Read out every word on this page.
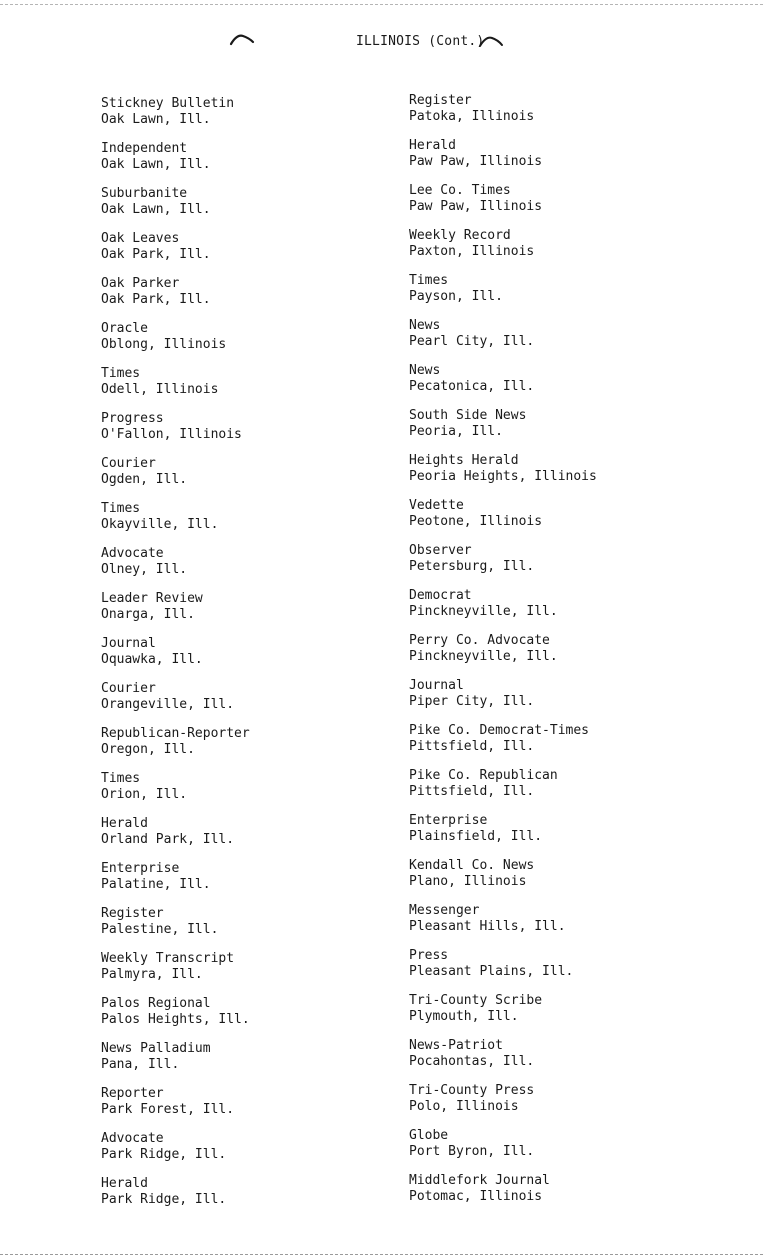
ILLINOIS (Cont.)
Stickney Bulletin
Oak Lawn, Ill.
Independent
Oak Lawn, Ill.
Suburbanite
Oak Lawn, Ill.
Oak Leaves
Oak Park, Ill.
Oak Parker
Oak Park, Ill.
Oracle
Oblong, Illinois
Times
Odell, Illinois
Progress
O'Fallon, Illinois
Courier
Ogden, Ill.
Times
Okayville, Ill.
Advocate
Olney, Ill.
Leader Review
Onarga, Ill.
Journal
Oquawka, Ill.
Courier
Orangeville, Ill.
Republican-Reporter
Oregon, Ill.
Times
Orion, Ill.
Herald
Orland Park, Ill.
Enterprise
Palatine, Ill.
Register
Palestine, Ill.
Weekly Transcript
Palmyra, Ill.
Palos Regional
Palos Heights, Ill.
News Palladium
Pana, Ill.
Reporter
Park Forest, Ill.
Advocate
Park Ridge, Ill.
Herald
Park Ridge, Ill.
Register
Patoka, Illinois
Herald
Paw Paw, Illinois
Lee Co. Times
Paw Paw, Illinois
Weekly Record
Paxton, Illinois
Times
Payson, Ill.
News
Pearl City, Ill.
News
Pecatonica, Ill.
South Side News
Peoria, Ill.
Heights Herald
Peoria Heights, Illinois
Vedette
Peotone, Illinois
Observer
Petersburg, Ill.
Democrat
Pinckneyville, Ill.
Perry Co. Advocate
Pinckneyville, Ill.
Journal
Piper City, Ill.
Pike Co. Democrat-Times
Pittsfield, Ill.
Pike Co. Republican
Pittsfield, Ill.
Enterprise
Plainsfield, Ill.
Kendall Co. News
Plano, Illinois
Messenger
Pleasant Hills, Ill.
Press
Pleasant Plains, Ill.
Tri-County Scribe
Plymouth, Ill.
News-Patriot
Pocahontas, Ill.
Tri-County Press
Polo, Illinois
Globe
Port Byron, Ill.
Middlefork Journal
Potomac, Illinois
